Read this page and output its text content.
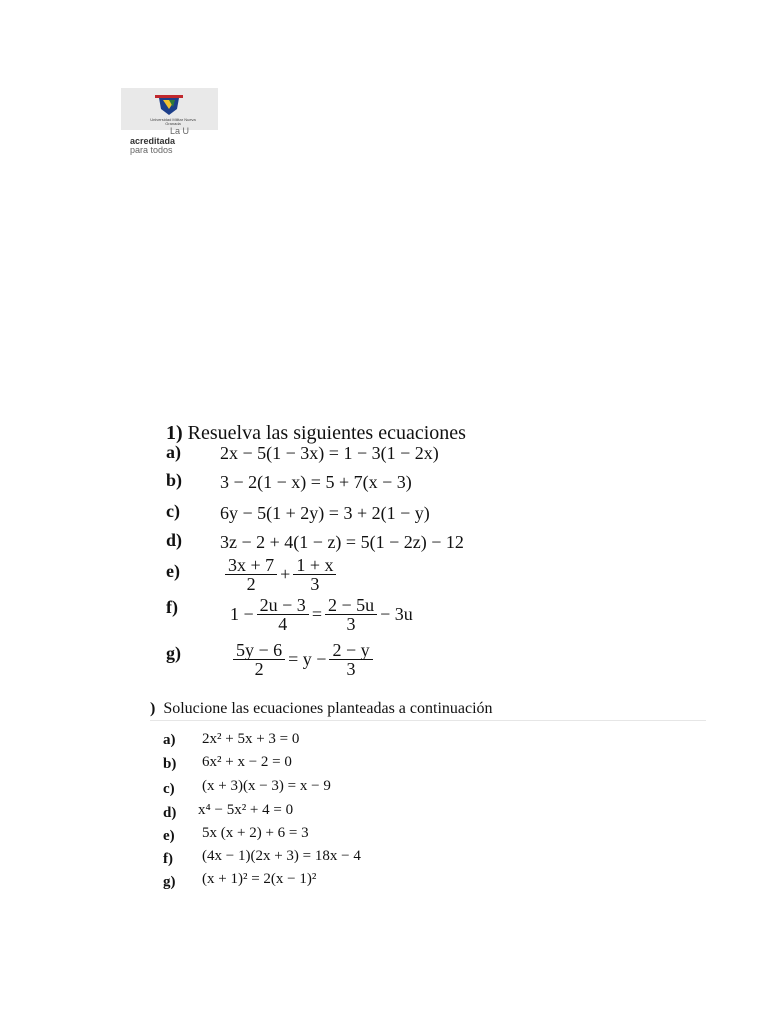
Universidad Militar Nueva Granada
La U
acreditada
para todos
1) Resuelva las siguientes ecuaciones
a) 2x − 5(1 − 3x) = 1 − 3(1 − 2x)
b) 3 − 2(1 − x) = 5 + 7(x − 3)
c) 6y − 5(1 + 2y) = 3 + 2(1 − y)
d) 3z − 2 + 4(1 − z) = 5(1 − 2z) − 12
e)	$\frac{3x + 7}{2} + \frac{1 + x}{3}$
f)	$1 - \frac{2u - 3}{4} = \frac{2 - 5u}{3} - 3u$
g)	$\frac{5y - 6}{2} = y - \frac{2 - y}{3}$
) Solucione las ecuaciones planteadas a continuación
a) 2x² + 5x + 3 = 0
b) 6x² + x − 2 = 0
c) (x + 3)(x − 3) = x − 9
d) x⁴ − 5x² + 4 = 0
e) 5x (x + 2) + 6 = 3
f) (4x − 1)(2x + 3) = 18x − 4
g) (x + 1)² = 2(x − 1)²
